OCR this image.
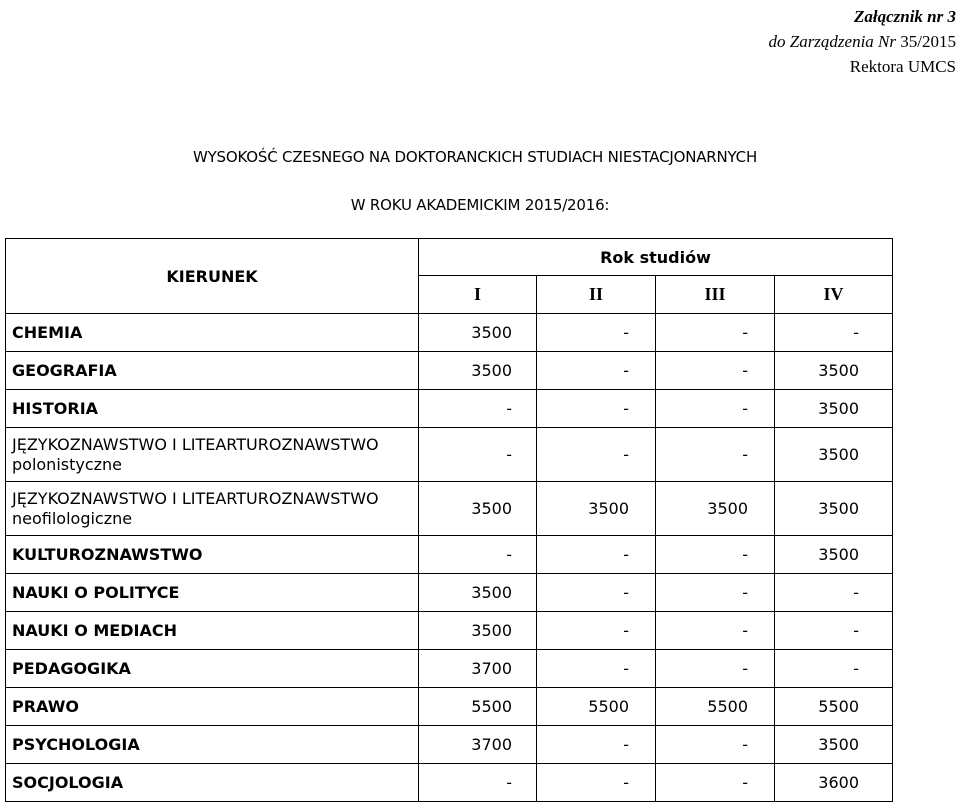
Załącznik nr 3
do Zarządzenia Nr 35/2015
Rektora UMCS
WYSOKOŚĆ CZESNEGO NA DOKTORANCKICH STUDIACH NIESTACJONARNYCH
W ROKU AKADEMICKIM 2015/2016:
KIERUNEK	Rok studiów			
	I	II	III	IV
CHEMIA	3500	-	-	-
GEOGRAFIA	3500	-	-	3500
HISTORIA	-	-	-	3500
JĘZYKOZNAWSTWO I LITEARTUROZNAWSTWO polonistyczne	-	-	-	3500
JĘZYKOZNAWSTWO I LITEARTUROZNAWSTWO neofilologiczne	3500	3500	3500	3500
KULTUROZNAWSTWO	-	-	-	3500
NAUKI O POLITYCE	3500	-	-	-
NAUKI O MEDIACH	3500	-	-	-
PEDAGOGIKA	3700	-	-	-
PRAWO	5500	5500	5500	5500
PSYCHOLOGIA	3700	-	-	3500
SOCJOLOGIA	-	-	-	3600
